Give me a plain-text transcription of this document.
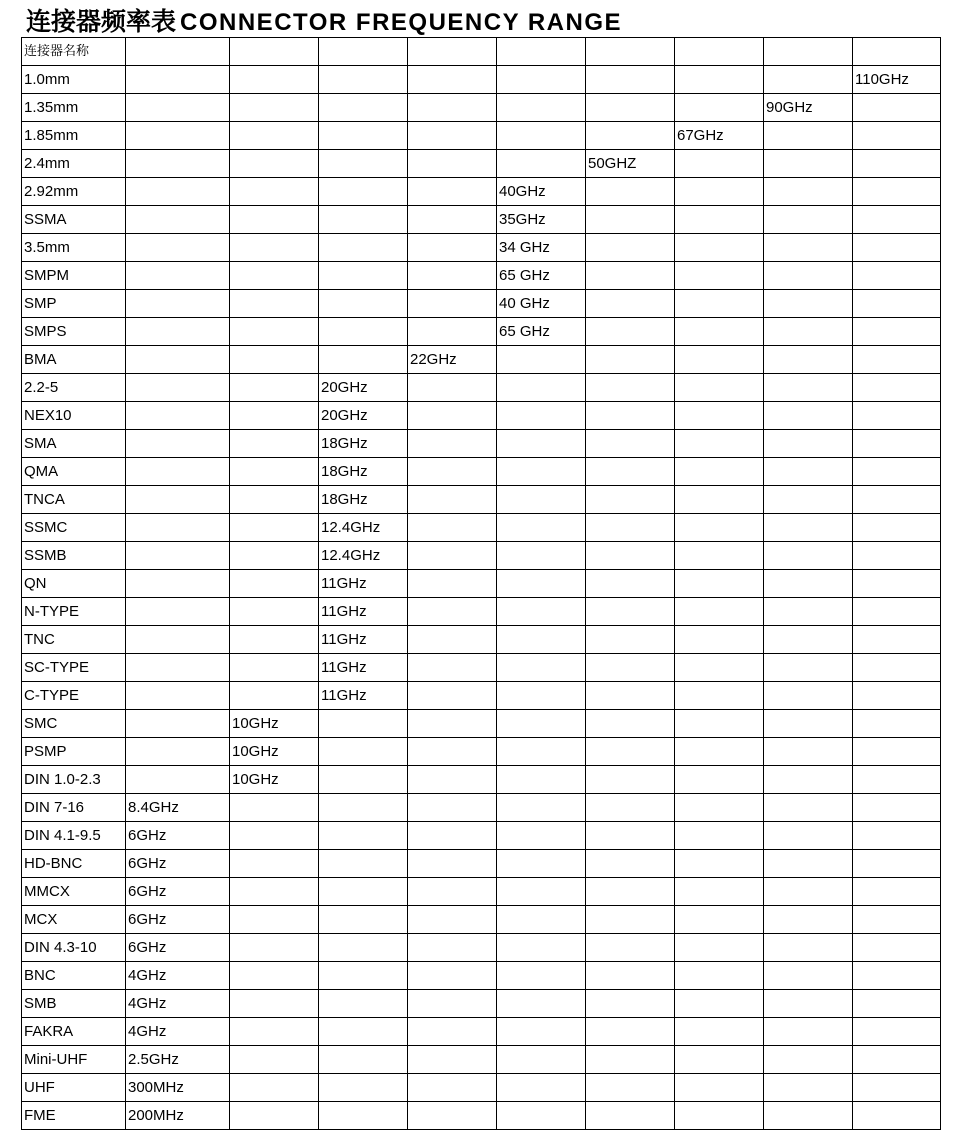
连接器频率表 CONNECTOR FREQUENCY RANGE
连接器名称									
1.0mm									110GHz
1.35mm								90GHz	
1.85mm							67GHz		
2.4mm						50GHZ			
2.92mm					40GHz				
SSMA					35GHz				
3.5mm					34 GHz				
SMPM					65 GHz				
SMP					40 GHz				
SMPS					65 GHz				
BMA				22GHz					
2.2-5			20GHz						
NEX10			20GHz						
SMA			18GHz						
QMA			18GHz						
TNCA			18GHz						
SSMC			12.4GHz						
SSMB			12.4GHz						
QN			11GHz						
N-TYPE			11GHz						
TNC			11GHz						
SC-TYPE			11GHz						
C-TYPE			11GHz						
SMC		10GHz							
PSMP		10GHz							
DIN 1.0-2.3		10GHz							
DIN 7-16	8.4GHz								
DIN 4.1-9.5	6GHz								
HD-BNC	6GHz								
MMCX	6GHz								
MCX	6GHz								
DIN 4.3-10	6GHz								
BNC	4GHz								
SMB	4GHz								
FAKRA	4GHz								
Mini-UHF	2.5GHz								
UHF	300MHz								
FME	200MHz								
